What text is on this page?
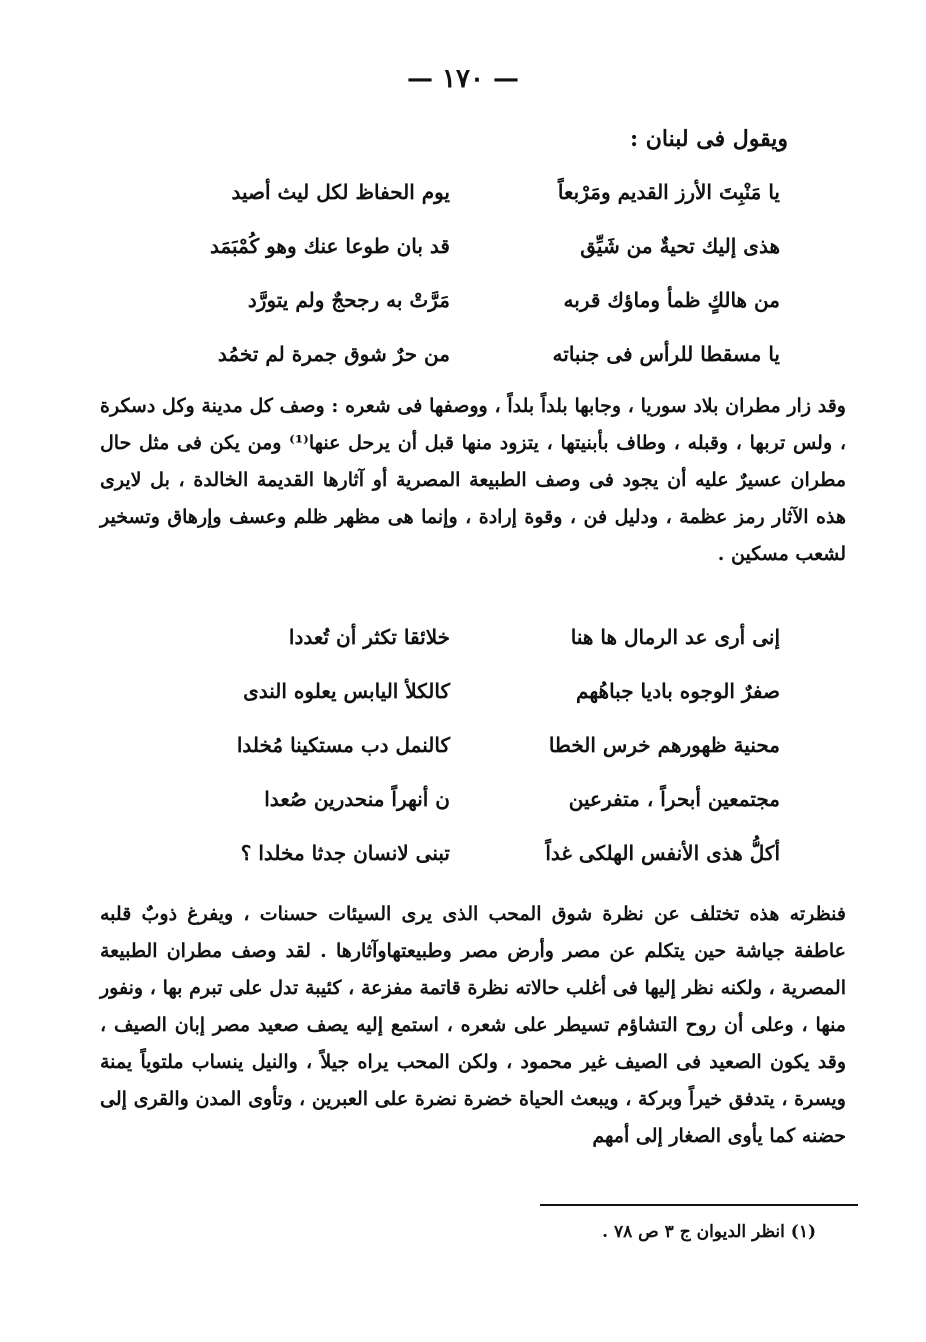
— ١٧٠ —
ويقول فى لبنان :
يا مَنْبِتَ الأرز القديم ومَرْبعاً
يوم الحفاظ لكل ليث أصيد
هذى إليك تحيةٌ من شَيِّق
قد بان طوعا عنك وهو كُمْبَمَد
من هالكٍ ظمأ وماؤك قربه
مَرَّتْ به رجحجٌ ولم يتورَّد
يا مسقطا للرأس فى جنباته
من حرٌ شوق جمرة لم تخمُد

وقد زار مطران بلاد سوريا ، وجابها بلداً بلداً ، ووصفها فى شعره : وصف كل مدينة وكل دسكرة ، ولس تربها ، وقبله ، وطاف بأبنيتها ، يتزود منها قبل أن يرحل عنها⁽¹⁾ ومن يكن فى مثل حال مطران عسيرٌ عليه أن يجود فى وصف الطبيعة المصرية أو آثارها القديمة الخالدة ، بل لايرى هذه الآثار رمز عظمة ، ودليل فن ، وقوة إرادة ، وإنما هى مظهر ظلم وعسف وإرهاق وتسخير لشعب مسكين .

إنى أرى عد الرمال ها هنا
خلائقا تكثر أن تُعددا
صفرٌ الوجوه باديا جباهُهم
كالكلأ اليابس يعلوه الندى
محنية ظهورهم خرس الخطا
كالنمل دب مستكينا مُخلدا
مجتمعين أبحراً ، متفرعين
ن أنهراً منحدرين صُعدا
أكلُّ هذى الأنفس الهلكى غداً
تبنى لانسان جدثا مخلدا ؟

فنظرته هذه تختلف عن نظرة شوق المحب الذى يرى السيئات حسنات ، ويفرغ ذوبٌ قلبه عاطفة جياشة حين يتكلم عن مصر وأرض مصر وطبيعتهاوآثارها . لقد وصف مطران الطبيعة المصرية ، ولكنه نظر إليها فى أغلب حالاته نظرة قاتمة مفزعة ، كئيبة تدل على تبرم بها ، ونفور منها ، وعلى أن روح التشاؤم تسيطر على شعره ، استمع إليه يصف صعيد مصر إبان الصيف ، وقد يكون الصعيد فى الصيف غير محمود ، ولكن المحب يراه جيلاً ، والنيل ينساب ملتوياً يمنة ويسرة ، يتدفق خيراً وبركة ، ويبعث الحياة خضرة نضرة على العبرين ، وتأوى المدن والقرى إلى حضنه كما يأوى الصغار إلى أمهم

(١) انظر الديوان ج ٣ ص ٧٨ .
